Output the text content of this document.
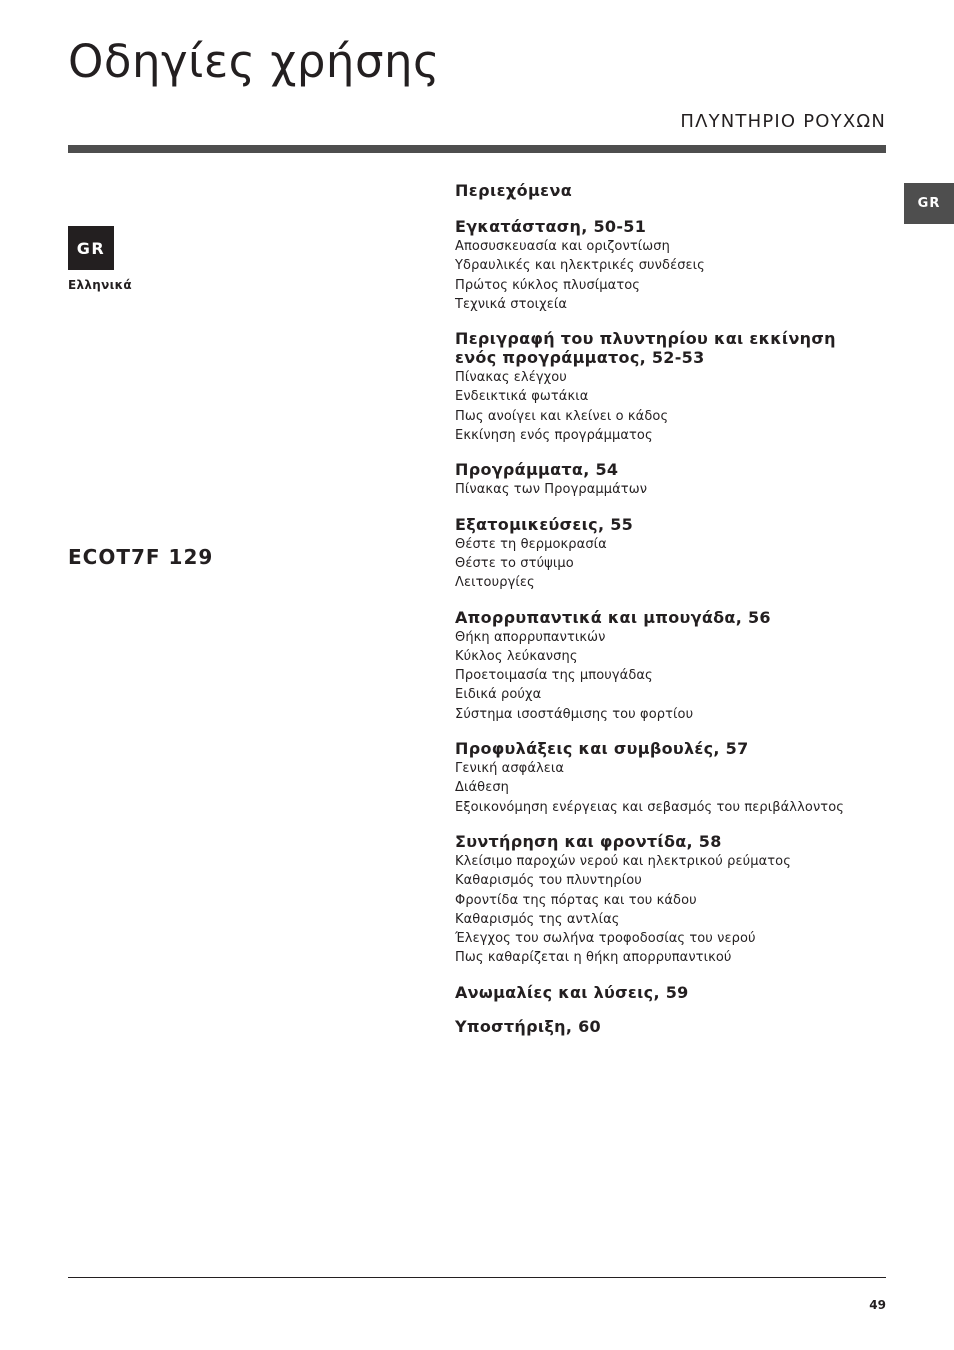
Οδηγίες χρήσης
ΠΛΥΝΤΗΡΙΟ ΡΟΥΧΩΝ
GR
GR
Ελληνικά
ECOT7F 129
Περιεχόμενα
Εγκατάσταση, 50-51
Αποσυσκευασία και οριζοντίωση
Υδραυλικές και ηλεκτρικές συνδέσεις
Πρώτος κύκλος πλυσίματος
Τεχνικά στοιχεία
Περιγραφή του πλυντηρίου και εκκίνηση ενός προγράμματος, 52-53
Πίνακας ελέγχου
Ενδεικτικά φωτάκια
Πως ανοίγει και κλείνει ο κάδος
Εκκίνηση ενός προγράμματος
Προγράμματα, 54
Πίνακας των Προγραμμάτων
Εξατομικεύσεις, 55
Θέστε τη θερμοκρασία
Θέστε το στύψιμο
Λειτουργίες
Απορρυπαντικά και μπουγάδα, 56
Θήκη απορρυπαντικών
Κύκλος λεύκανσης
Προετοιμασία της μπουγάδας
Ειδικά ρούχα
Σύστημα ισοστάθμισης του φορτίου
Προφυλάξεις και συμβουλές, 57
Γενική ασφάλεια
Διάθεση
Εξοικονόμηση ενέργειας και σεβασμός του περιβάλλοντος
Συντήρηση και φροντίδα, 58
Κλείσιμο παροχών νερού και ηλεκτρικού ρεύματος
Καθαρισμός του πλυντηρίου
Φροντίδα της πόρτας και του κάδου
Καθαρισμός της αντλίας
Έλεγχος του σωλήνα τροφοδοσίας του νερού
Πως καθαρίζεται η θήκη απορρυπαντικού
Ανωμαλίες και λύσεις, 59
Υποστήριξη, 60
49
